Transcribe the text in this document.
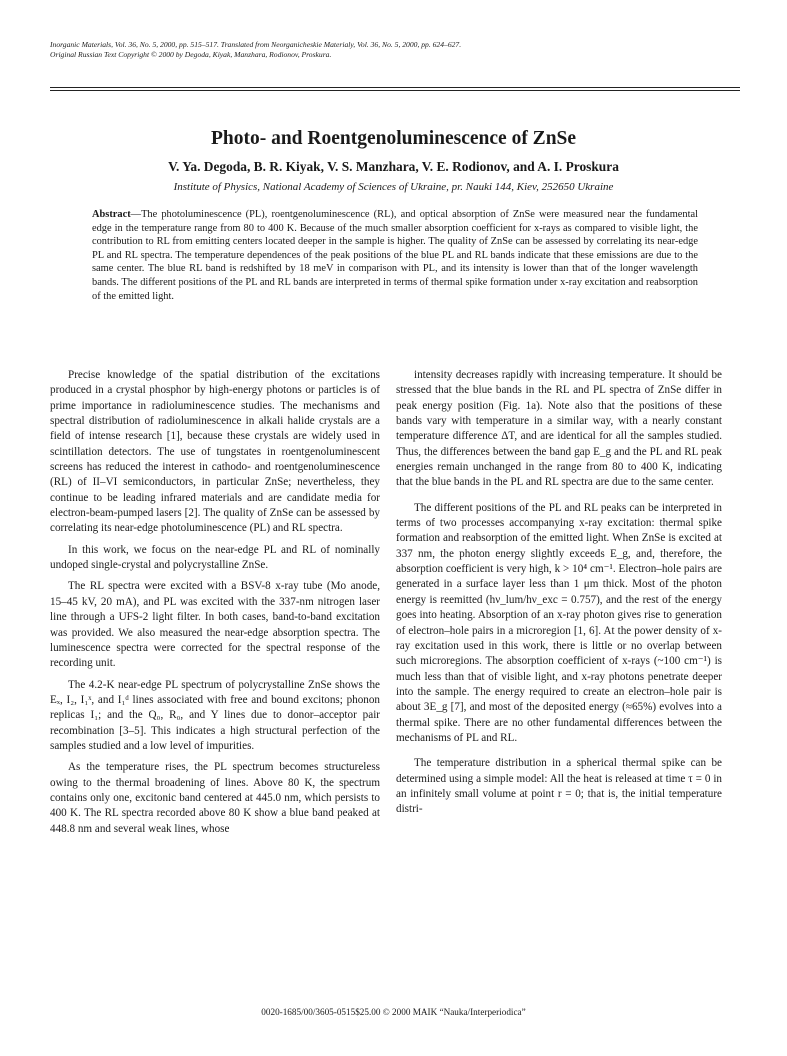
Inorganic Materials, Vol. 36, No. 5, 2000, pp. 515–517. Translated from Neorganicheskie Materialy, Vol. 36, No. 5, 2000, pp. 624–627.
Original Russian Text Copyright © 2000 by Degoda, Kiyak, Manzhara, Rodionov, Proskura.
Photo- and Roentgenoluminescence of ZnSe
V. Ya. Degoda, B. R. Kiyak, V. S. Manzhara, V. E. Rodionov, and A. I. Proskura
Institute of Physics, National Academy of Sciences of Ukraine, pr. Nauki 144, Kiev, 252650 Ukraine
Abstract—The photoluminescence (PL), roentgenoluminescence (RL), and optical absorption of ZnSe were measured near the fundamental edge in the temperature range from 80 to 400 K. Because of the much smaller absorption coefficient for x-rays as compared to visible light, the contribution to RL from emitting centers located deeper in the sample is higher. The quality of ZnSe can be assessed by correlating its near-edge PL and RL spectra. The temperature dependences of the peak positions of the blue PL and RL bands indicate that these emissions are due to the same center. The blue RL band is redshifted by 18 meV in comparison with PL, and its intensity is lower than that of the longer wavelength bands. The different positions of the PL and RL bands are interpreted in terms of thermal spike formation under x-ray excitation and reabsorption of the emitted light.

Precise knowledge of the spatial distribution of the excitations produced in a crystal phosphor by high-energy photons or particles is of prime importance in radioluminescence studies. The mechanisms and spectral distribution of radioluminescence in alkali halide crystals are a field of intense research [1], because these crystals are widely used in scintillation detectors. The use of tungstates in roentgenoluminescent screens has reduced the interest in cathodo- and roentgenoluminescence (RL) of II–VI semiconductors, in particular ZnSe; nevertheless, they continue to be leading infrared materials and are candidate media for electron-beam-pumped lasers [2]. The quality of ZnSe can be assessed by correlating its near-edge photoluminescence (PL) and RL spectra.

In this work, we focus on the near-edge PL and RL of nominally undoped single-crystal and polycrystalline ZnSe.

The RL spectra were excited with a BSV-8 x-ray tube (Mo anode, 15–45 kV, 20 mA), and PL was excited with the 337-nm nitrogen laser line through a UFS-2 light filter. In both cases, band-to-band excitation was provided. We also measured the near-edge absorption spectra. The luminescence spectra were corrected for the spectral response of the recording unit.

The 4.2-K near-edge PL spectrum of polycrystalline ZnSe shows the Eₓ, I₂, I₁ˣ, and I₁ᵈ lines associated with free and bound excitons; phonon replicas I₁; and the Q₀, R₀, and Y lines due to donor–acceptor pair recombination [3–5]. This indicates a high structural perfection of the samples studied and a low level of impurities.

As the temperature rises, the PL spectrum becomes structureless owing to the thermal broadening of lines. Above 80 K, the spectrum contains only one, excitonic band centered at 445.0 nm, which persists to 400 K. The RL spectra recorded above 80 K show a blue band peaked at 448.8 nm and several weak lines, whose

intensity decreases rapidly with increasing temperature. It should be stressed that the blue bands in the RL and PL spectra of ZnSe differ in peak energy position (Fig. 1a). Note also that the positions of these bands vary with temperature in a similar way, with a nearly constant temperature difference ΔT, and are identical for all the samples studied. Thus, the differences between the band gap E_g and the PL and RL peak energies remain unchanged in the range from 80 to 400 K, indicating that the blue bands in the PL and RL spectra are due to the same center.

The different positions of the PL and RL peaks can be interpreted in terms of two processes accompanying x-ray excitation: thermal spike formation and reabsorption of the emitted light. When ZnSe is excited at 337 nm, the photon energy slightly exceeds E_g, and, therefore, the absorption coefficient is very high, k > 10⁴ cm⁻¹. Electron–hole pairs are generated in a surface layer less than 1 μm thick. Most of the photon energy is reemitted (hν_lum/hν_exc = 0.757), and the rest of the energy goes into heating. Absorption of an x-ray photon gives rise to generation of electron–hole pairs in a microregion [1, 6]. At the power density of x-ray excitation used in this work, there is little or no overlap between such microregions. The absorption coefficient of x-rays (~100 cm⁻¹) is much less than that of visible light, and x-ray photons penetrate deeper into the sample. The energy required to create an electron–hole pair is about 3E_g [7], and most of the deposited energy (≈65%) evolves into a thermal spike. There are no other fundamental differences between the mechanisms of PL and RL.

The temperature distribution in a spherical thermal spike can be determined using a simple model: All the heat is released at time τ = 0 in an infinitely small volume at point r = 0; that is, the initial temperature distri-

0020-1685/00/3605-0515$25.00 © 2000 MAIK “Nauka/Interperiodica”
